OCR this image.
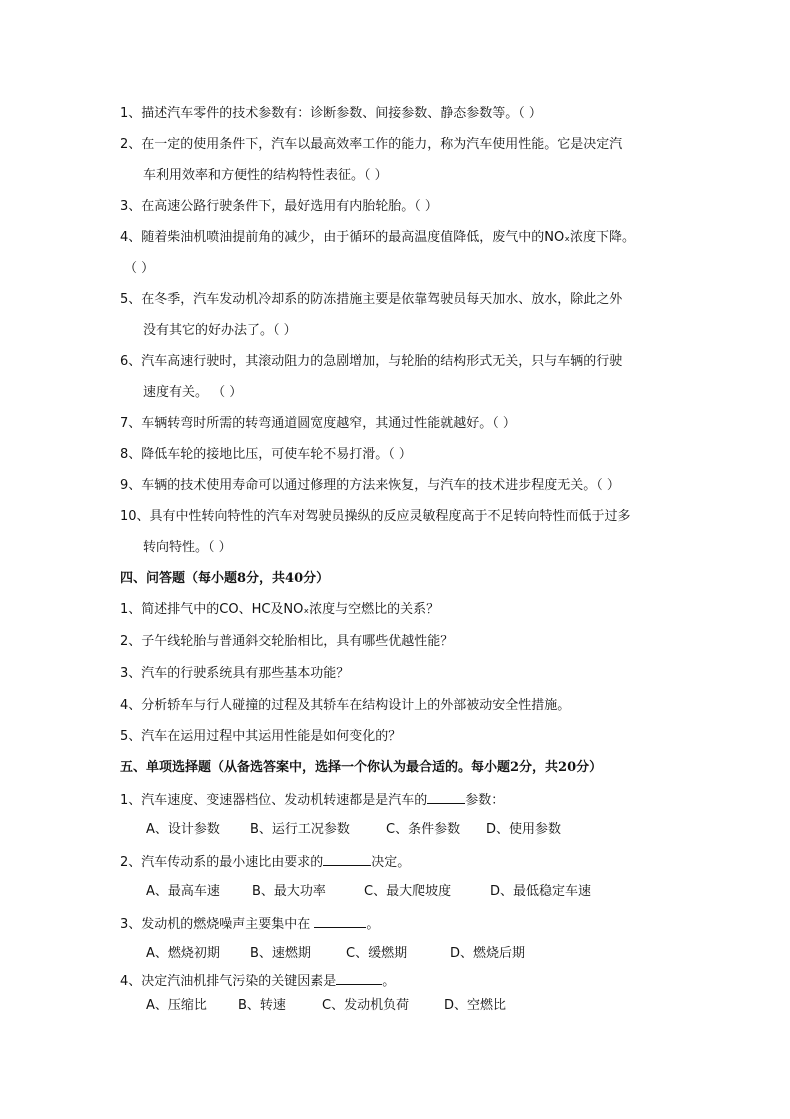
1、描述汽车零件的技术参数有：诊断参数、间接参数、静态参数等。（ ）
2、在一定的使用条件下，汽车以最高效率工作的能力，称为汽车使用性能。它是决定汽
车利用效率和方便性的结构特性表征。（ ）
3、在高速公路行驶条件下，最好选用有内胎轮胎。（ ）
4、随着柴油机喷油提前角的减少，由于循环的最高温度值降低，废气中的NOₓ浓度下降。
（ ）
5、在冬季，汽车发动机冷却系的防冻措施主要是依靠驾驶员每天加水、放水，除此之外
没有其它的好办法了。（ ）
6、汽车高速行驶时，其滚动阻力的急剧增加，与轮胎的结构形式无关，只与车辆的行驶
速度有关。 （ ）
7、车辆转弯时所需的转弯通道圆宽度越窄，其通过性能就越好。（ ）
8、降低车轮的接地比压，可使车轮不易打滑。（ ）
9、车辆的技术使用寿命可以通过修理的方法来恢复，与汽车的技术进步程度无关。（ ）
10、具有中性转向特性的汽车对驾驶员操纵的反应灵敏程度高于不足转向特性而低于过多
转向特性。（ ）
四、问答题（每小题8分，共40分）
1、简述排气中的CO、HC及NOₓ浓度与空燃比的关系？
2、子午线轮胎与普通斜交轮胎相比，具有哪些优越性能？
3、汽车的行驶系统具有那些基本功能？
4、分析轿车与行人碰撞的过程及其轿车在结构设计上的外部被动安全性措施。
5、汽车在运用过程中其运用性能是如何变化的？
五、单项选择题（从备选答案中，选择一个你认为最合适的。每小题2分，共20分）
1、汽车速度、变速器档位、发动机转速都是是汽车的	参数：
A、设计参数 B、运行工况参数	C、条件参数 D、使用参数
2、汽车传动系的最小速比由要求的	决定。
A、最高车速 B、最大功率	C、最大爬坡度	D、最低稳定车速
3、发动机的燃烧噪声主要集中在	。
A、燃烧初期 B、速燃期	C、缓燃期	D、燃烧后期
4、决定汽油机排气污染的关键因素是	。
A、压缩比 B、转速	C、发动机负荷	D、空燃比
